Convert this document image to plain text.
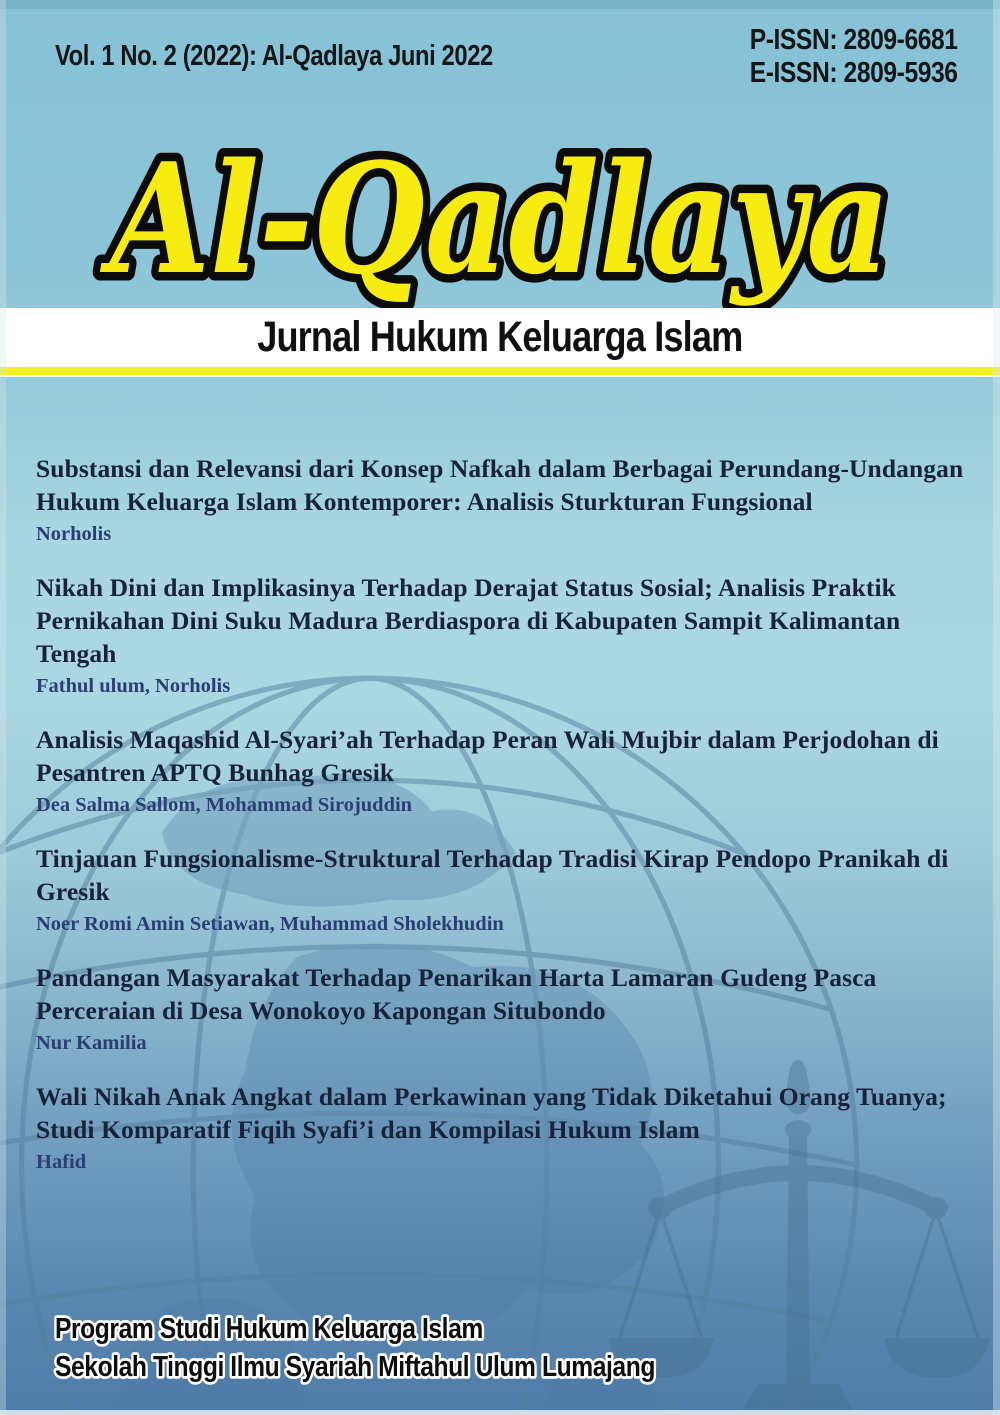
Vol. 1 No. 2 (2022): Al-Qadlaya Juni 2022	P-ISSN: 2809-6681
E-ISSN: 2809-5936
Al-Qadlaya
Jurnal Hukum Keluarga Islam
Substansi dan Relevansi dari Konsep Nafkah dalam Berbagai Perundang-Undangan Hukum Keluarga Islam Kontemporer: Analisis Sturkturan Fungsional

Norholis

Nikah Dini dan Implikasinya Terhadap Derajat Status Sosial; Analisis Praktik Pernikahan Dini Suku Madura Berdiaspora di Kabupaten Sampit Kalimantan Tengah

Fathul ulum, Norholis

Analisis Maqashid Al-Syari’ah Terhadap Peran Wali Mujbir dalam Perjodohan di Pesantren APTQ Bunhag Gresik

Dea Salma Sallom, Mohammad Sirojuddin

Tinjauan Fungsionalisme-Struktural Terhadap Tradisi Kirap Pendopo Pranikah di Gresik

Noer Romi Amin Setiawan, Muhammad Sholekhudin

Pandangan Masyarakat Terhadap Penarikan Harta Lamaran Gudeng Pasca Perceraian di Desa Wonokoyo Kapongan Situbondo

Nur Kamilia

Wali Nikah Anak Angkat dalam Perkawinan yang Tidak Diketahui Orang Tuanya; Studi Komparatif Fiqih Syafi’i dan Kompilasi Hukum Islam

Hafid

Program Studi Hukum Keluarga Islam
Sekolah Tinggi Ilmu Syariah Miftahul Ulum Lumajang
